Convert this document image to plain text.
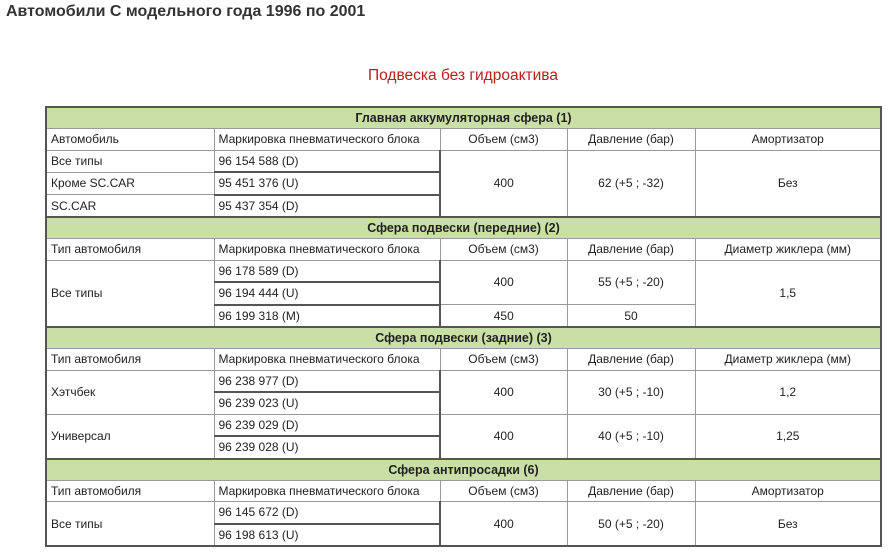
Автомобили С модельного года 1996 по 2001
Подвеска без гидроактива
Главная аккумуляторная сфера (1)				
Автомобиль	Маркировка пневматического блока	Объем (см3)	Давление (бар)	Амортизатор
Все типы	96 154 588 (D)	400	62 (+5 ; -32)	Без
Кроме SC.CAR	95 451 376 (U)			
SC.CAR	95 437 354 (D)			
Сфера подвески (передние) (2)				
Тип автомобиля	Маркировка пневматического блока	Объем (см3)	Давление (бар)	Диаметр жиклера (мм)
Все типы	96 178 589 (D)	400	55 (+5 ; -20)	1,5
	96 194 444 (U)			
	96 199 318 (M)	450	50	
Сфера подвески (задние) (3)				
Тип автомобиля	Маркировка пневматического блока	Объем (см3)	Давление (бар)	Диаметр жиклера (мм)
Хэтчбек	96 238 977 (D)	400	30 (+5 ; -10)	1,2
	96 239 023 (U)			
Универсал	96 239 029 (D)	400	40 (+5 ; -10)	1,25
	96 239 028 (U)			
Сфера антипросадки (6)				
Тип автомобиля	Маркировка пневматического блока	Объем (см3)	Давление (бар)	Амортизатор
Все типы	96 145 672 (D)	400	50 (+5 ; -20)	Без
	96 198 613 (U)			
